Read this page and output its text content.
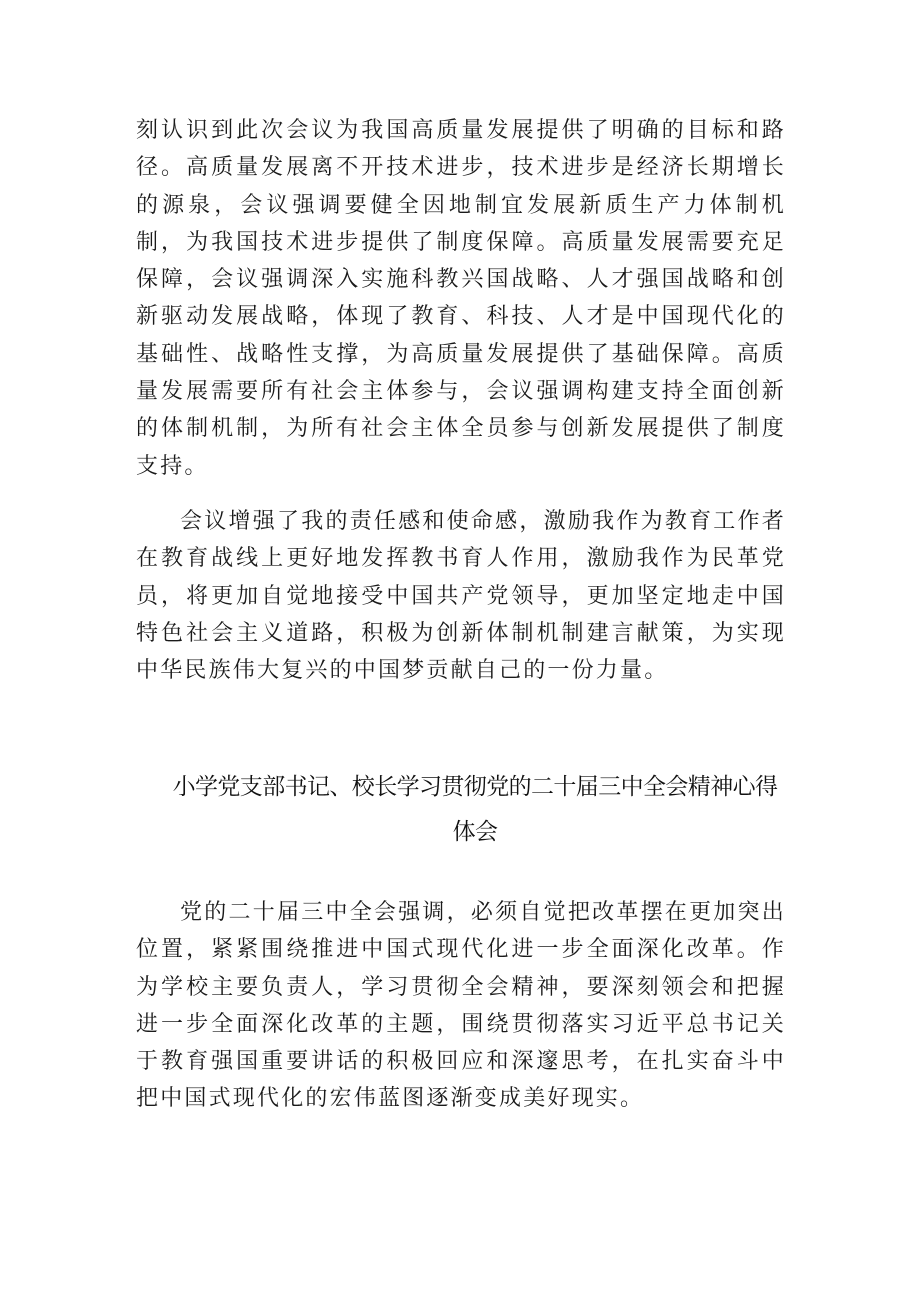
刻认识到此次会议为我国高质量发展提供了明确的目标和路径。高质量发展离不开技术进步，技术进步是经济长期增长的源泉，会议强调要健全因地制宜发展新质生产力体制机制，为我国技术进步提供了制度保障。高质量发展需要充足保障，会议强调深入实施科教兴国战略、人才强国战略和创新驱动发展战略，体现了教育、科技、人才是中国现代化的基础性、战略性支撑，为高质量发展提供了基础保障。高质量发展需要所有社会主体参与，会议强调构建支持全面创新的体制机制，为所有社会主体全员参与创新发展提供了制度支持。

会议增强了我的责任感和使命感，激励我作为教育工作者在教育战线上更好地发挥教书育人作用，激励我作为民革党员，将更加自觉地接受中国共产党领导，更加坚定地走中国特色社会主义道路，积极为创新体制机制建言献策，为实现中华民族伟大复兴的中国梦贡献自己的一份力量。

小学党支部书记、校长学习贯彻党的二十届三中全会精神心得体会

党的二十届三中全会强调，必须自觉把改革摆在更加突出位置，紧紧围绕推进中国式现代化进一步全面深化改革。作为学校主要负责人，学习贯彻全会精神，要深刻领会和把握进一步全面深化改革的主题，围绕贯彻落实习近平总书记关于教育强国重要讲话的积极回应和深邃思考，在扎实奋斗中把中国式现代化的宏伟蓝图逐渐变成美好现实。
